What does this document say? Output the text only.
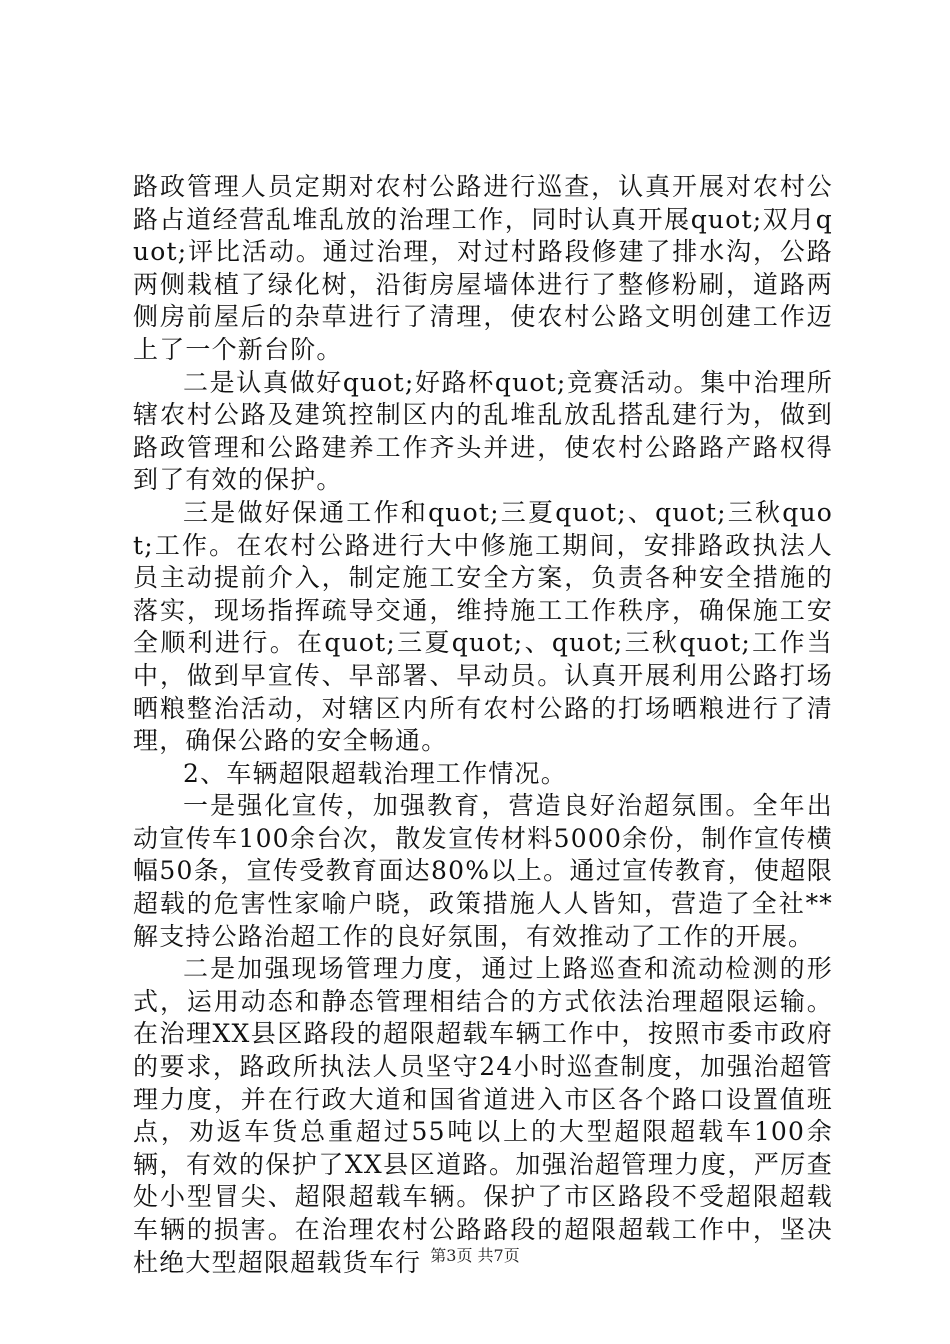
路政管理人员定期对农村公路进行巡查，认真开展对农村公路占道经营乱堆乱放的治理工作，同时认真开展quot;双月quot;评比活动。通过治理，对过村路段修建了排水沟，公路两侧栽植了绿化树，沿街房屋墙体进行了整修粉刷，道路两侧房前屋后的杂草进行了清理，使农村公路文明创建工作迈上了一个新台阶。

二是认真做好quot;好路杯quot;竞赛活动。集中治理所辖农村公路及建筑控制区内的乱堆乱放乱搭乱建行为，做到路政管理和公路建养工作齐头并进，使农村公路路产路权得到了有效的保护。

三是做好保通工作和quot;三夏quot;、quot;三秋quot;工作。在农村公路进行大中修施工期间，安排路政执法人员主动提前介入，制定施工安全方案，负责各种安全措施的落实，现场指挥疏导交通，维持施工工作秩序，确保施工安全顺利进行。在quot;三夏quot;、quot;三秋quot;工作当中，做到早宣传、早部署、早动员。认真开展利用公路打场晒粮整治活动，对辖区内所有农村公路的打场晒粮进行了清理，确保公路的安全畅通。

2、车辆超限超载治理工作情况。

一是强化宣传，加强教育，营造良好治超氛围。全年出动宣传车100余台次，散发宣传材料5000余份，制作宣传横幅50条，宣传受教育面达80%以上。通过宣传教育，使超限超载的危害性家喻户晓，政策措施人人皆知，营造了全社**解支持公路治超工作的良好氛围，有效推动了工作的开展。

二是加强现场管理力度，通过上路巡查和流动检测的形式，运用动态和静态管理相结合的方式依法治理超限运输。在治理XX县区路段的超限超载车辆工作中，按照市委市政府的要求，路政所执法人员坚守24小时巡查制度，加强治超管理力度，并在行政大道和国省道进入市区各个路口设置值班点，劝返车货总重超过55吨以上的大型超限超载车100余辆，有效的保护了XX县区道路。加强治超管理力度，严厉查处小型冒尖、超限超载车辆。保护了市区路段不受超限超载车辆的损害。在治理农村公路路段的超限超载工作中，坚决杜绝大型超限超载货车行 第3页 共7页
